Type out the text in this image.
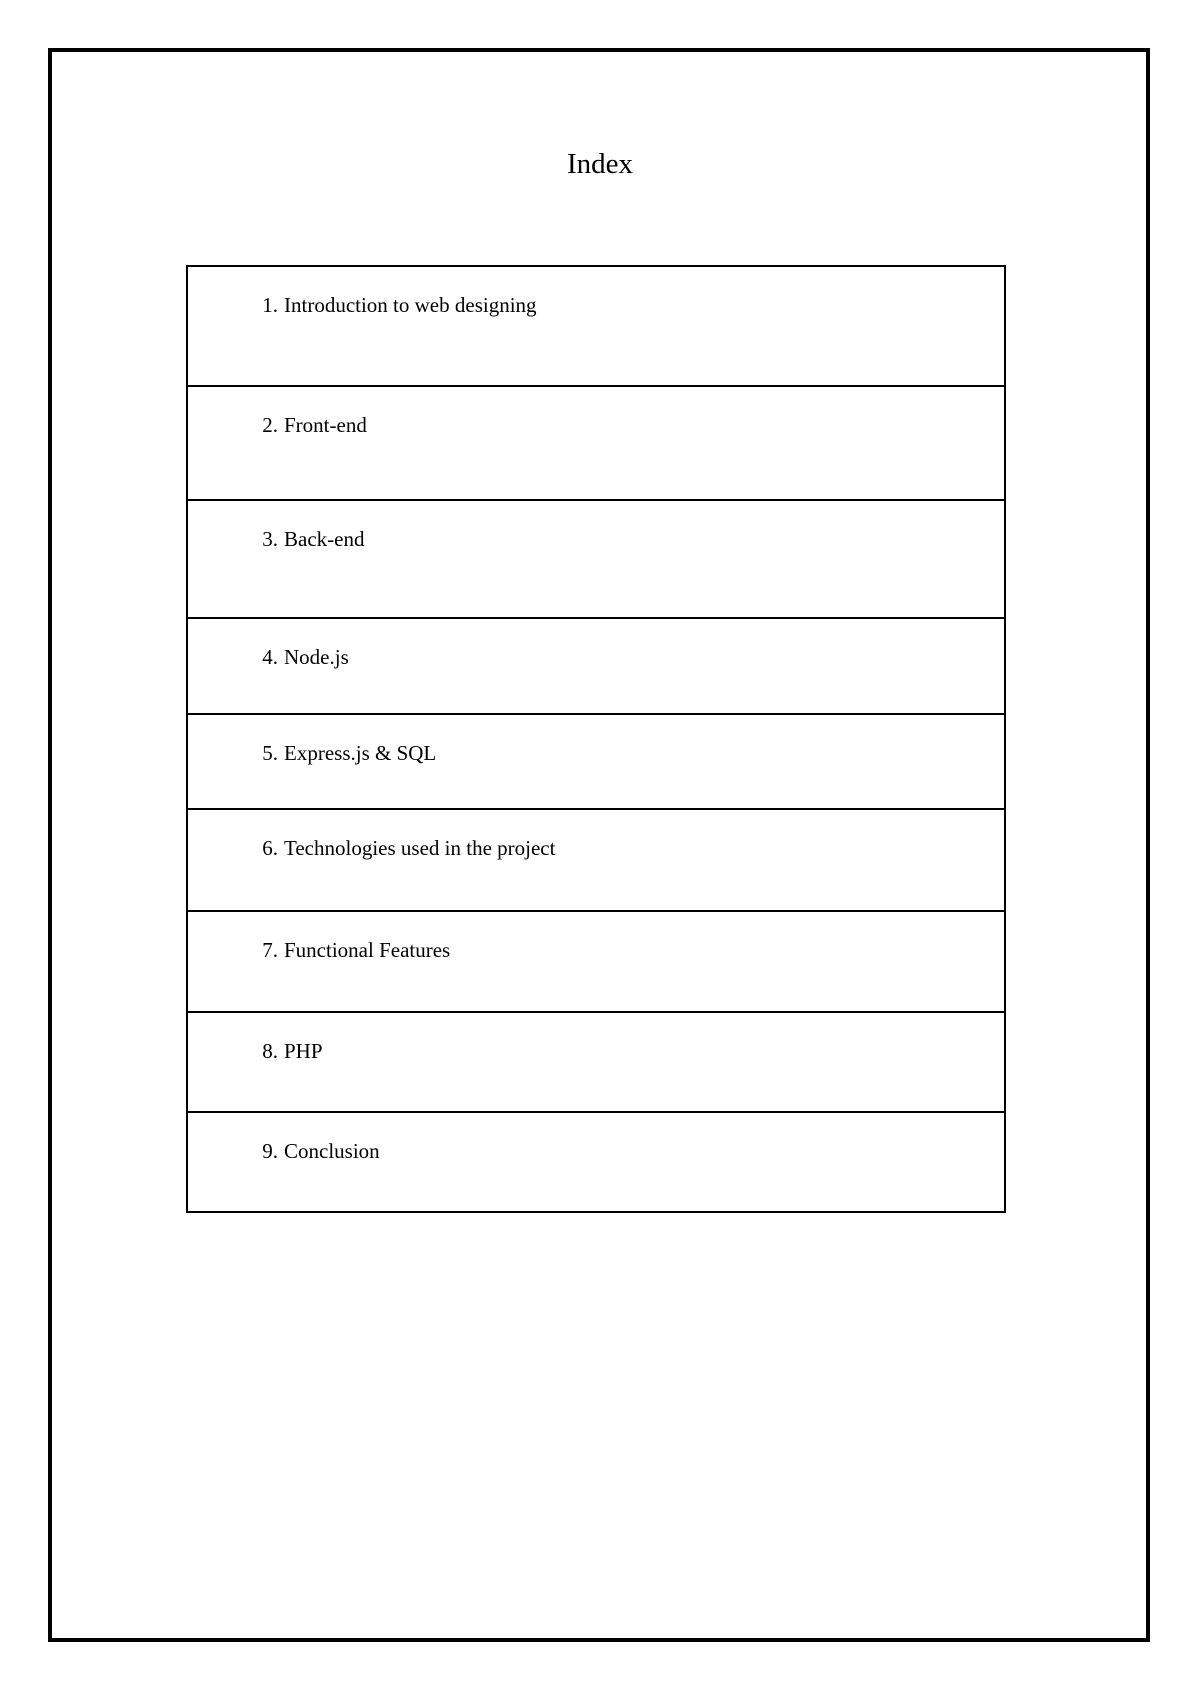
Index
1. Introduction to web designing
2. Front-end
3. Back-end
4. Node.js
5. Express.js & SQL
6. Technologies used in the project
7. Functional Features
8. PHP
9. Conclusion
